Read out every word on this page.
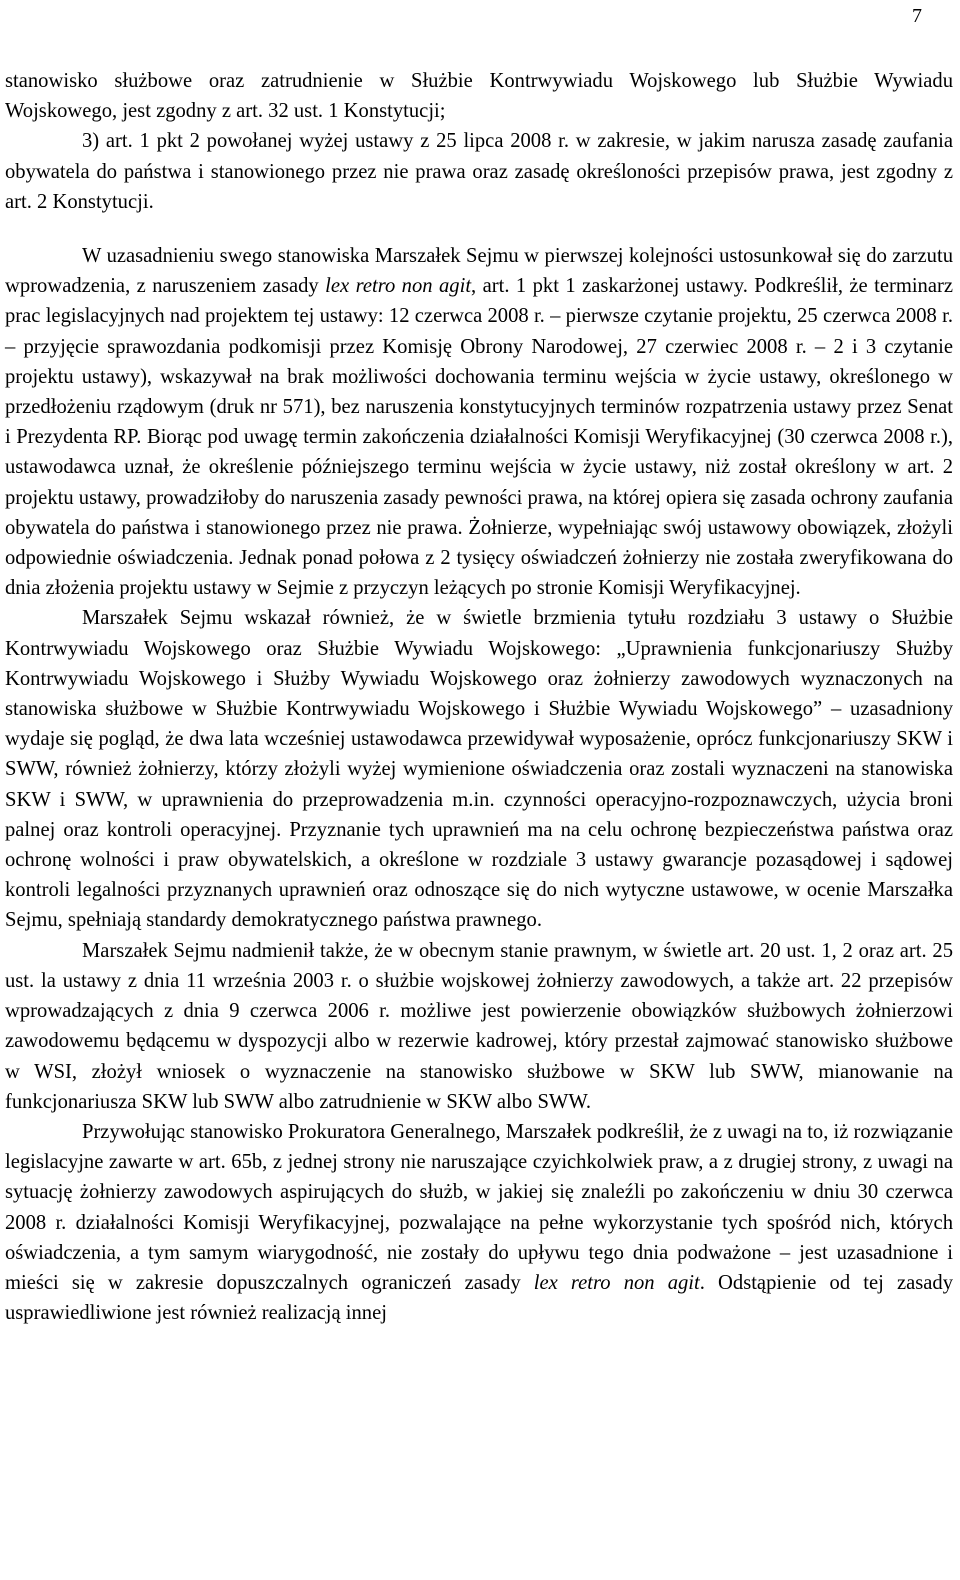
7

stanowisko służbowe oraz zatrudnienie w Służbie Kontrwywiadu Wojskowego lub Służbie Wywiadu Wojskowego, jest zgodny z art. 32 ust. 1 Konstytucji;

3) art. 1 pkt 2 powołanej wyżej ustawy z 25 lipca 2008 r. w zakresie, w jakim narusza zasadę zaufania obywatela do państwa i stanowionego przez nie prawa oraz zasadę określoności przepisów prawa, jest zgodny z art. 2 Konstytucji.

W uzasadnieniu swego stanowiska Marszałek Sejmu w pierwszej kolejności ustosunkował się do zarzutu wprowadzenia, z naruszeniem zasady lex retro non agit, art. 1 pkt 1 zaskarżonej ustawy. Podkreślił, że terminarz prac legislacyjnych nad projektem tej ustawy: 12 czerwca 2008 r. – pierwsze czytanie projektu, 25 czerwca 2008 r. – przyjęcie sprawozdania podkomisji przez Komisję Obrony Narodowej, 27 czerwiec 2008 r. – 2 i 3 czytanie projektu ustawy), wskazywał na brak możliwości dochowania terminu wejścia w życie ustawy, określonego w przedłożeniu rządowym (druk nr 571), bez naruszenia konstytucyjnych terminów rozpatrzenia ustawy przez Senat i Prezydenta RP. Biorąc pod uwagę termin zakończenia działalności Komisji Weryfikacyjnej (30 czerwca 2008 r.), ustawodawca uznał, że określenie późniejszego terminu wejścia w życie ustawy, niż został określony w art. 2 projektu ustawy, prowadziłoby do naruszenia zasady pewności prawa, na której opiera się zasada ochrony zaufania obywatela do państwa i stanowionego przez nie prawa. Żołnierze, wypełniając swój ustawowy obowiązek, złożyli odpowiednie oświadczenia. Jednak ponad połowa z 2 tysięcy oświadczeń żołnierzy nie została zweryfikowana do dnia złożenia projektu ustawy w Sejmie z przyczyn leżących po stronie Komisji Weryfikacyjnej.

Marszałek Sejmu wskazał również, że w świetle brzmienia tytułu rozdziału 3 ustawy o Służbie Kontrwywiadu Wojskowego oraz Służbie Wywiadu Wojskowego: „Uprawnienia funkcjonariuszy Służby Kontrwywiadu Wojskowego i Służby Wywiadu Wojskowego oraz żołnierzy zawodowych wyznaczonych na stanowiska służbowe w Służbie Kontrwywiadu Wojskowego i Służbie Wywiadu Wojskowego” – uzasadniony wydaje się pogląd, że dwa lata wcześniej ustawodawca przewidywał wyposażenie, oprócz funkcjonariuszy SKW i SWW, również żołnierzy, którzy złożyli wyżej wymienione oświadczenia oraz zostali wyznaczeni na stanowiska SKW i SWW, w uprawnienia do przeprowadzenia m.in. czynności operacyjno-rozpoznawczych, użycia broni palnej oraz kontroli operacyjnej. Przyznanie tych uprawnień ma na celu ochronę bezpieczeństwa państwa oraz ochronę wolności i praw obywatelskich, a określone w rozdziale 3 ustawy gwarancje pozasądowej i sądowej kontroli legalności przyznanych uprawnień oraz odnoszące się do nich wytyczne ustawowe, w ocenie Marszałka Sejmu, spełniają standardy demokratycznego państwa prawnego.

Marszałek Sejmu nadmienił także, że w obecnym stanie prawnym, w świetle art. 20 ust. 1, 2 oraz art. 25 ust. la ustawy z dnia 11 września 2003 r. o służbie wojskowej żołnierzy zawodowych, a także art. 22 przepisów wprowadzających z dnia 9 czerwca 2006 r. możliwe jest powierzenie obowiązków służbowych żołnierzowi zawodowemu będącemu w dyspozycji albo w rezerwie kadrowej, który przestał zajmować stanowisko służbowe w WSI, złożył wniosek o wyznaczenie na stanowisko służbowe w SKW lub SWW, mianowanie na funkcjonariusza SKW lub SWW albo zatrudnienie w SKW albo SWW.

Przywołując stanowisko Prokuratora Generalnego, Marszałek podkreślił, że z uwagi na to, iż rozwiązanie legislacyjne zawarte w art. 65b, z jednej strony nie naruszające czyichkolwiek praw, a z drugiej strony, z uwagi na sytuację żołnierzy zawodowych aspirujących do służb, w jakiej się znaleźli po zakończeniu w dniu 30 czerwca 2008 r. działalności Komisji Weryfikacyjnej, pozwalające na pełne wykorzystanie tych spośród nich, których oświadczenia, a tym samym wiarygodność, nie zostały do upływu tego dnia podważone – jest uzasadnione i mieści się w zakresie dopuszczalnych ograniczeń zasady lex retro non agit. Odstąpienie od tej zasady usprawiedliwione jest również realizacją innej
